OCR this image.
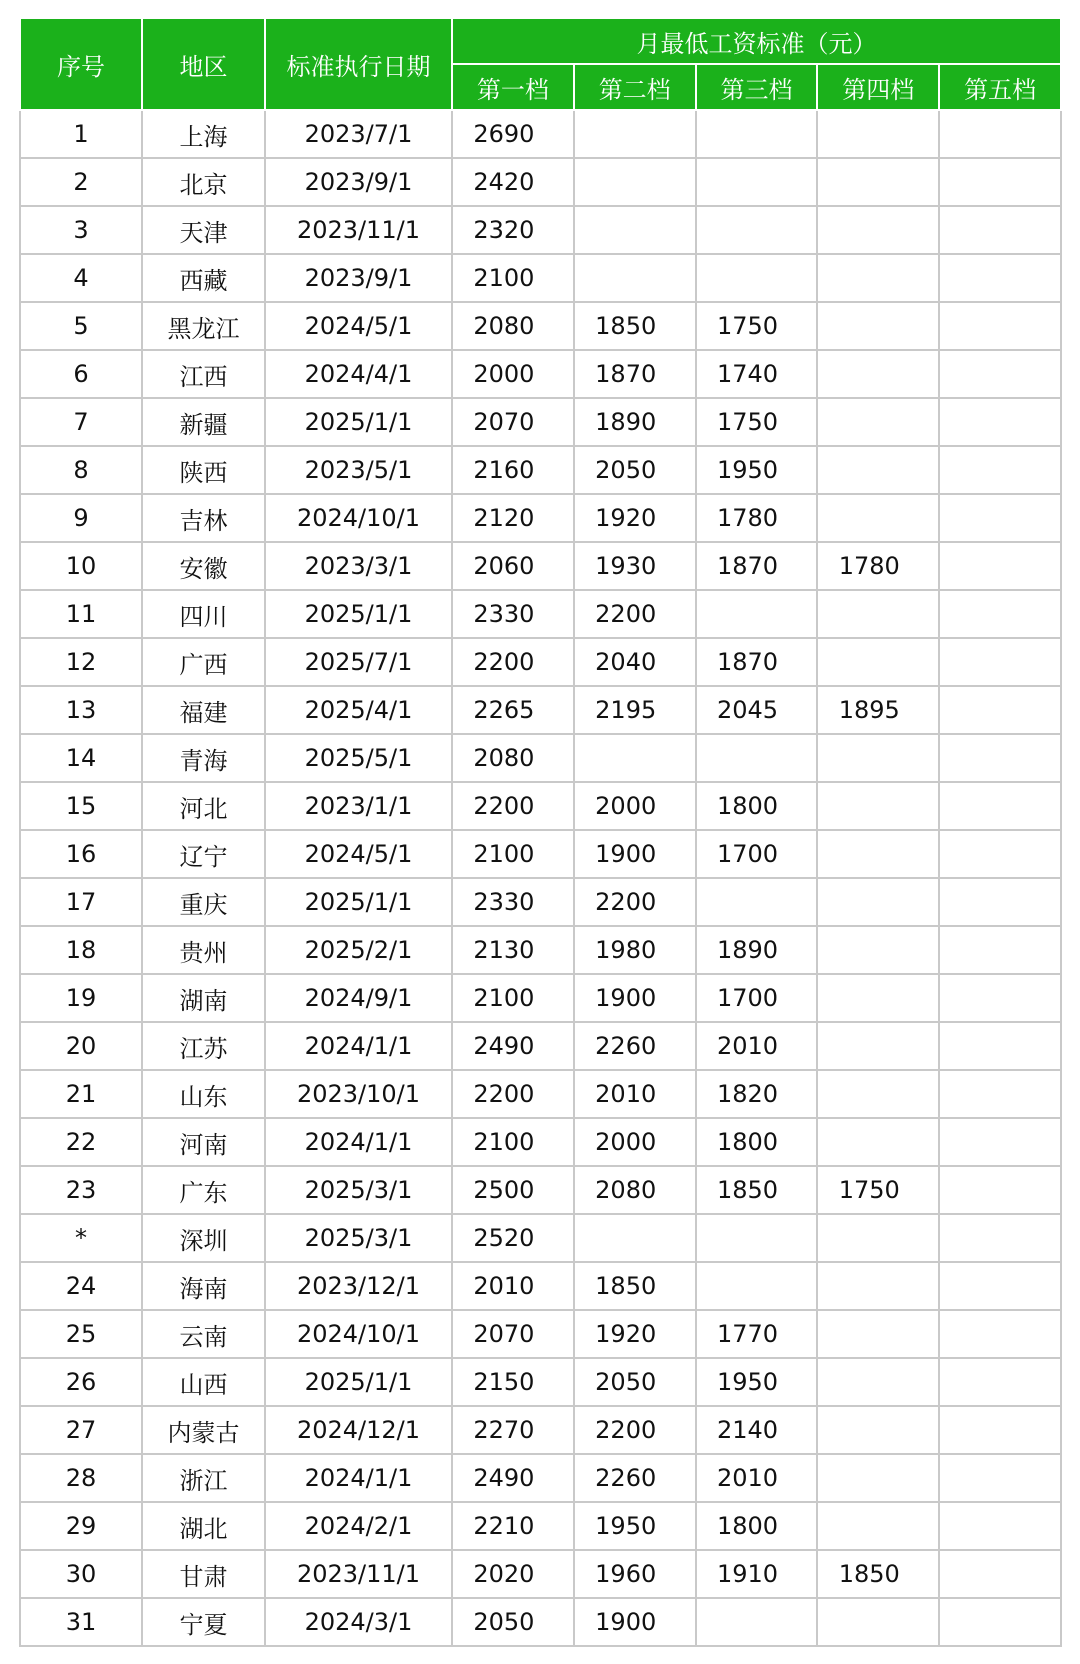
序号	地区	标准执行日期	月最低工资标准（元）				
			第一档	第二档	第三档	第四档	第五档
1	上海	2023/7/1	2690				
2	北京	2023/9/1	2420				
3	天津	2023/11/1	2320				
4	西藏	2023/9/1	2100				
5	黑龙江	2024/5/1	2080	1850	1750		
6	江西	2024/4/1	2000	1870	1740		
7	新疆	2025/1/1	2070	1890	1750		
8	陕西	2023/5/1	2160	2050	1950		
9	吉林	2024/10/1	2120	1920	1780		
10	安徽	2023/3/1	2060	1930	1870	1780	
11	四川	2025/1/1	2330	2200			
12	广西	2025/7/1	2200	2040	1870		
13	福建	2025/4/1	2265	2195	2045	1895	
14	青海	2025/5/1	2080				
15	河北	2023/1/1	2200	2000	1800		
16	辽宁	2024/5/1	2100	1900	1700		
17	重庆	2025/1/1	2330	2200			
18	贵州	2025/2/1	2130	1980	1890		
19	湖南	2024/9/1	2100	1900	1700		
20	江苏	2024/1/1	2490	2260	2010		
21	山东	2023/10/1	2200	2010	1820		
22	河南	2024/1/1	2100	2000	1800		
23	广东	2025/3/1	2500	2080	1850	1750	
*	深圳	2025/3/1	2520				
24	海南	2023/12/1	2010	1850			
25	云南	2024/10/1	2070	1920	1770		
26	山西	2025/1/1	2150	2050	1950		
27	内蒙古	2024/12/1	2270	2200	2140		
28	浙江	2024/1/1	2490	2260	2010		
29	湖北	2024/2/1	2210	1950	1800		
30	甘肃	2023/11/1	2020	1960	1910	1850	
31	宁夏	2024/3/1	2050	1900			
